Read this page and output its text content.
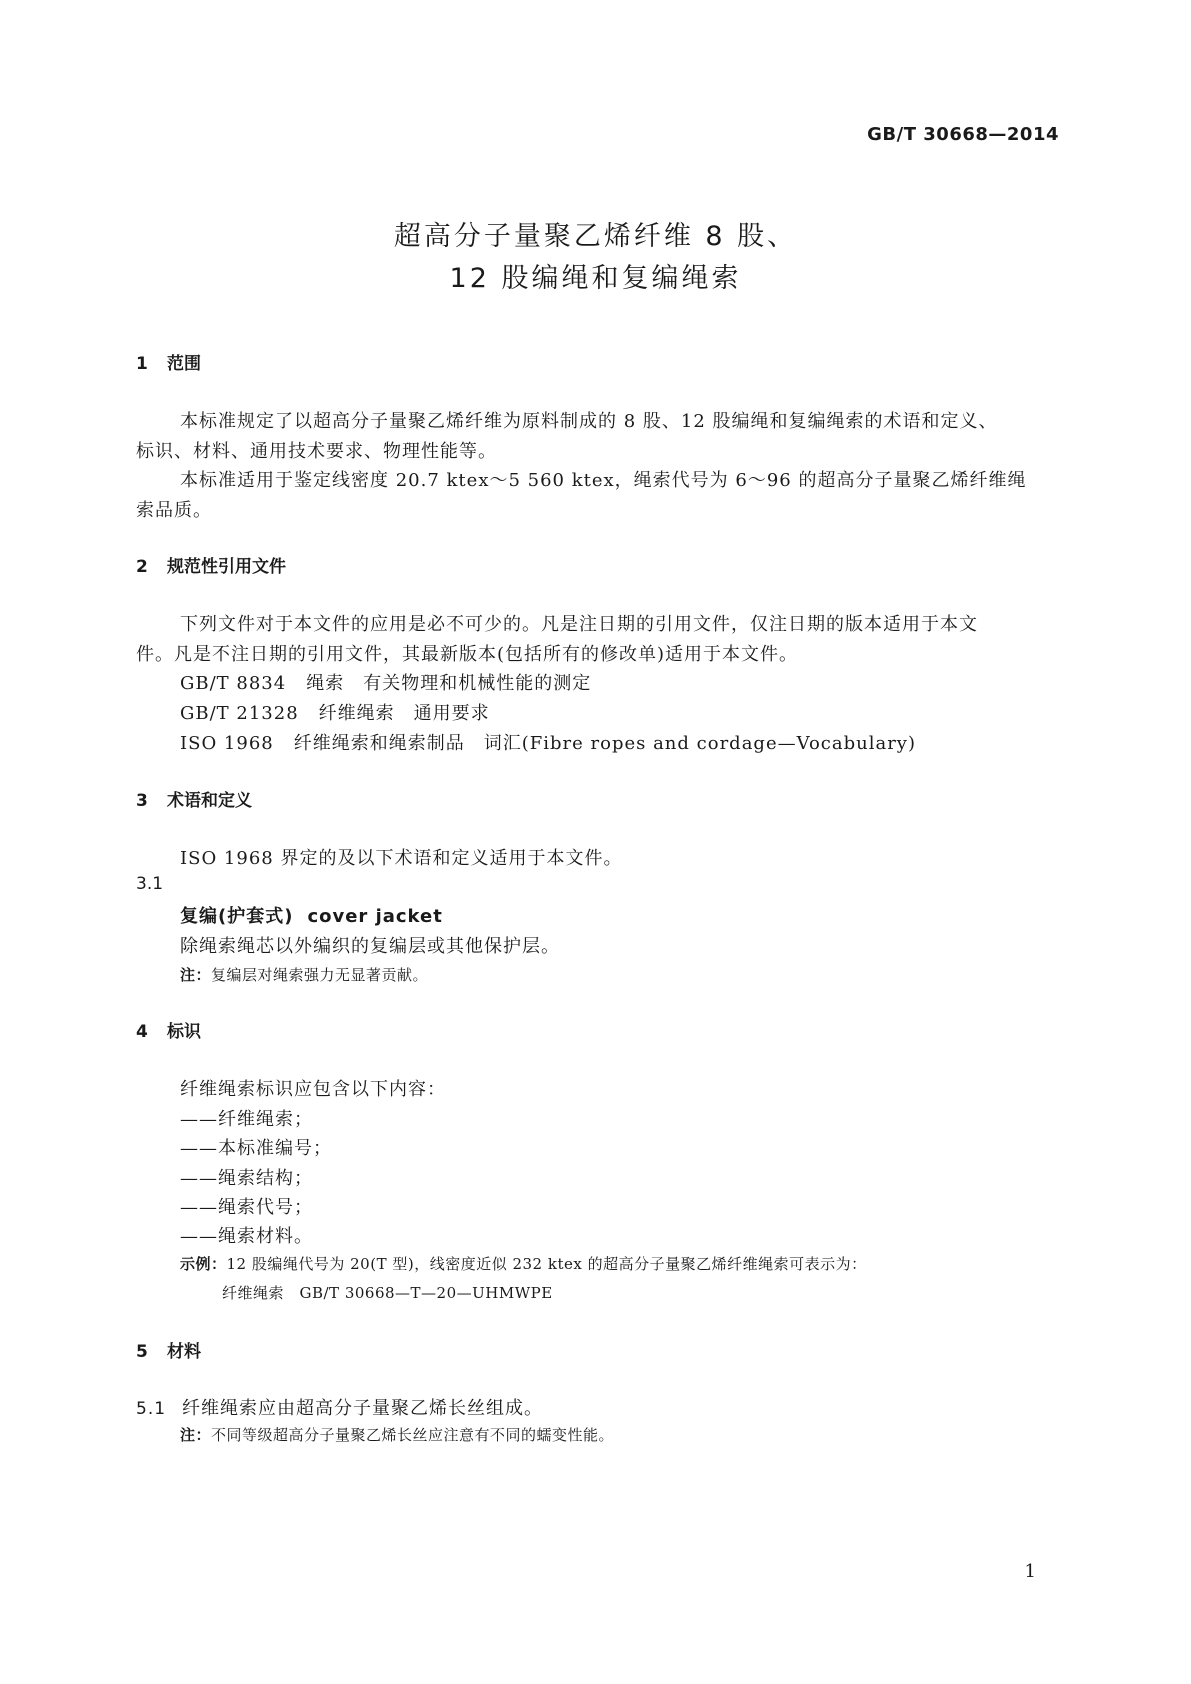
GB/T 30668—2014
超高分子量聚乙烯纤维 8 股、
12 股编绳和复编绳索
1 范围
本标准规定了以超高分子量聚乙烯纤维为原料制成的 8 股、12 股编绳和复编绳索的术语和定义、
标识、材料、通用技术要求、物理性能等。
本标准适用于鉴定线密度 20.7 ktex～5 560 ktex，绳索代号为 6～96 的超高分子量聚乙烯纤维绳
索品质。
2 规范性引用文件
下列文件对于本文件的应用是必不可少的。凡是注日期的引用文件，仅注日期的版本适用于本文
件。凡是不注日期的引用文件，其最新版本(包括所有的修改单)适用于本文件。
GB/T 8834 绳索　有关物理和机械性能的测定
GB/T 21328 纤维绳索　通用要求
ISO 1968 纤维绳索和绳索制品　词汇(Fibre ropes and cordage—Vocabulary)
3 术语和定义
ISO 1968 界定的及以下术语和定义适用于本文件。
3.1
复编(护套式) cover jacket
除绳索绳芯以外编织的复编层或其他保护层。
注：复编层对绳索强力无显著贡献。
4 标识
纤维绳索标识应包含以下内容：
——纤维绳索；
——本标准编号；
——绳索结构；
——绳索代号；
——绳索材料。
示例：12 股编绳代号为 20(T 型)，线密度近似 232 ktex 的超高分子量聚乙烯纤维绳索可表示为：
纤维绳索　GB/T 30668—T—20—UHMWPE
5 材料
5.1 纤维绳索应由超高分子量聚乙烯长丝组成。
注：不同等级超高分子量聚乙烯长丝应注意有不同的蠕变性能。
1
